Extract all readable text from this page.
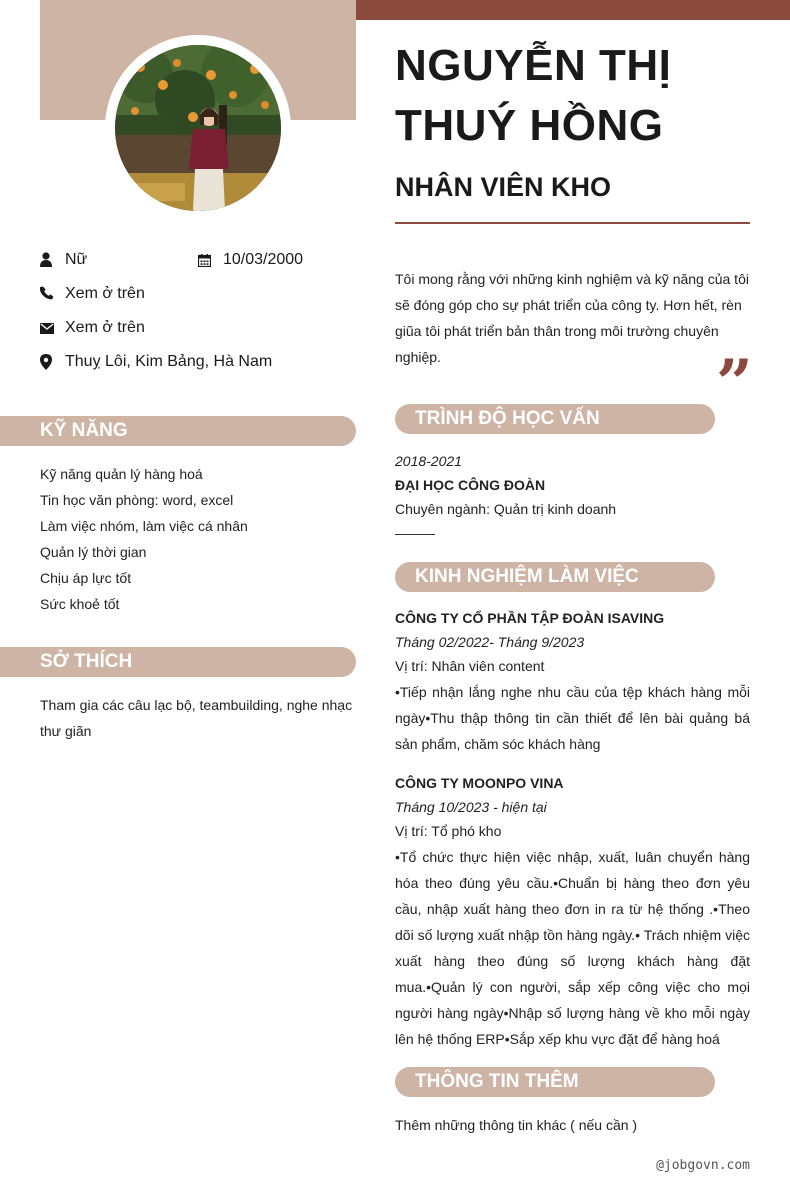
NGUYỄN THỊ THUÝ HỒNG
NHÂN VIÊN KHO
Nữ	10/03/2000
Xem ở trên
Xem ở trên
Thuỵ Lôi, Kim Bảng, Hà Nam
Tôi mong rằng với những kinh nghiệm và kỹ năng của tôi sẽ đóng góp cho sự phát triển của công ty. Hơn hết, rèn giũa tôi phát triển bản thân trong môi trường chuyên nghiệp.	”
KỸ NĂNG
Kỹ năng quản lý hàng hoá
Tin học văn phòng: word, excel
Làm việc nhóm, làm việc cá nhân
Quản lý thời gian
Chịu áp lực tốt
Sức khoẻ tốt
SỞ THÍCH
Tham gia các câu lạc bộ, teambuilding, nghe nhạc thư giãn
TRÌNH ĐỘ HỌC VẤN
2018-2021
ĐẠI HỌC CÔNG ĐOÀN
Chuyên ngành: Quản trị kinh doanh
———
KINH NGHIỆM LÀM VIỆC
CÔNG TY CỔ PHẦN TẬP ĐOÀN ISAVING
Tháng 02/2022- Tháng 9/2023
Vị trí: Nhân viên content
•Tiếp nhận lắng nghe nhu cầu của tệp khách hàng mỗi ngày•Thu thập thông tin cần thiết để lên bài quảng bá sản phẩm, chăm sóc khách hàng
CÔNG TY MOONPO VINA
Tháng 10/2023 - hiện tại
Vị trí: Tổ phó kho
•Tổ chức thực hiện việc nhập, xuất, luân chuyển hàng hóa theo đúng yêu cầu.•Chuẩn bị hàng theo đơn yêu cầu, nhập xuất hàng theo đơn in ra từ hệ thống .•Theo dõi số lượng xuất nhập tồn hàng ngày.• Trách nhiệm việc xuất hàng theo đúng số lượng khách hàng đặt mua.•Quản lý con người, sắp xếp công việc cho mọi người hàng ngày•Nhập số lượng hàng về kho mỗi ngày lên hệ thống ERP•Sắp xếp khu vực đặt để hàng hoá
THÔNG TIN THÊM
Thêm những thông tin khác ( nếu cần )
@jobgovn.com
